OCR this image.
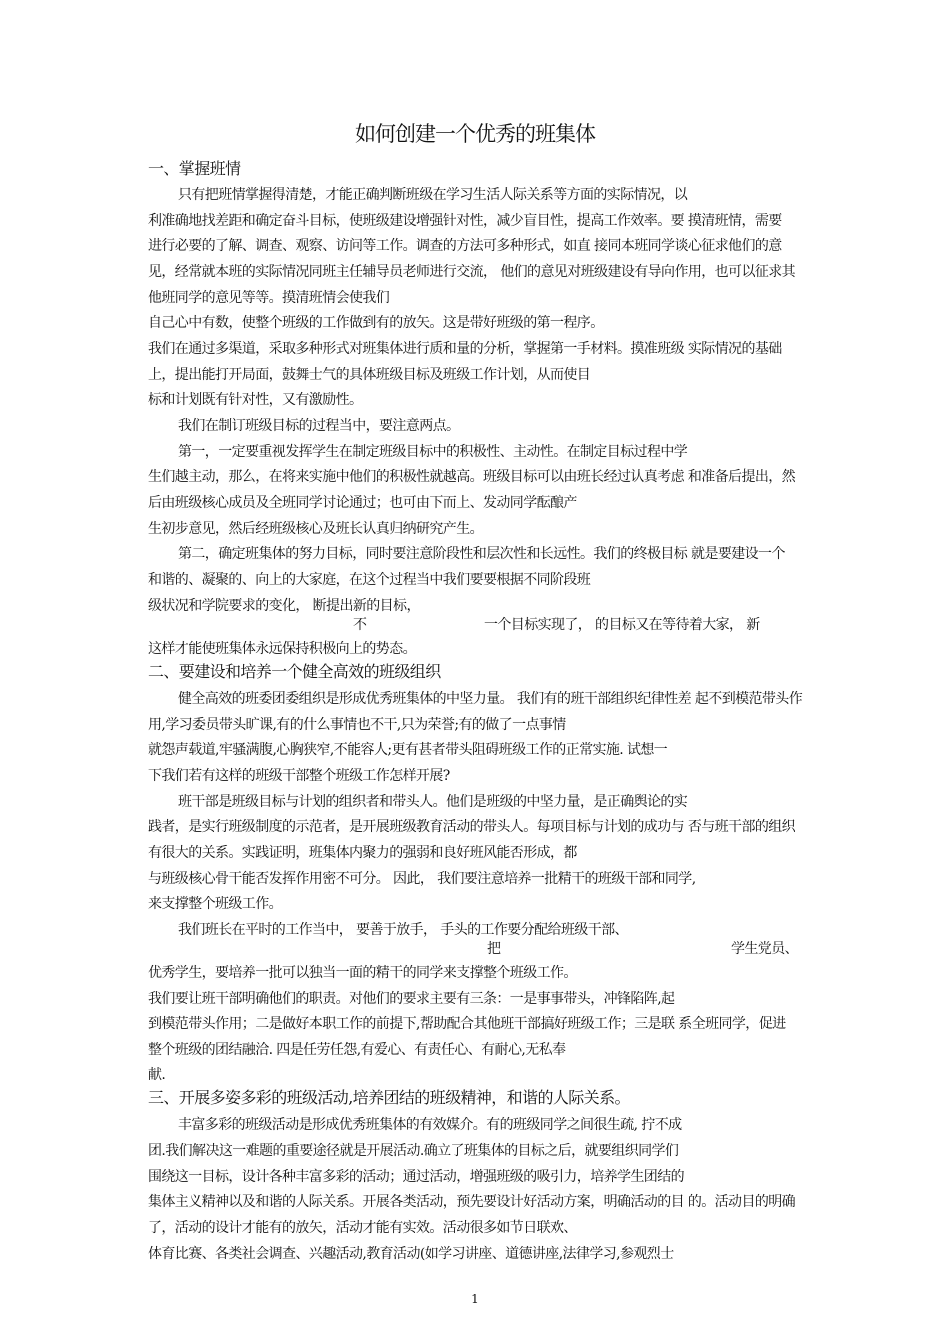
如何创建一个优秀的班集体
一、掌握班情
只有把班情掌握得清楚，才能正确判断班级在学习生活人际关系等方面的实际情况，以
利准确地找差距和确定奋斗目标，使班级建设增强针对性，减少盲目性，提高工作效率。要 摸清班情，需要
进行必要的了解、调查、观察、访问等工作。调查的方法可多种形式，如直 接同本班同学谈心征求他们的意
见，经常就本班的实际情况同班主任辅导员老师进行交流， 他们的意见对班级建设有导向作用，也可以征求其
他班同学的意见等等。摸清班情会使我们
自己心中有数，使整个班级的工作做到有的放矢。这是带好班级的第一程序。
我们在通过多渠道，采取多种形式对班集体进行质和量的分析，掌握第一手材料。摸准班级 实际情况的基础
上，提出能打开局面，鼓舞士气的具体班级目标及班级工作计划，从而使目
标和计划既有针对性，又有激励性。
我们在制订班级目标的过程当中，要注意两点。
第一，一定要重视发挥学生在制定班级目标中的积极性、主动性。在制定目标过程中学
生们越主动，那么，在将来实施中他们的积极性就越高。班级目标可以由班长经过认真考虑 和准备后提出，然
后由班级核心成员及全班同学讨论通过；也可由下而上、发动同学酝酿产
生初步意见，然后经班级核心及班长认真归纳研究产生。
第二，确定班集体的努力目标，同时要注意阶段性和层次性和长远性。我们的终极目标 就是要建设一个
和谐的、凝聚的、向上的大家庭，在这个过程当中我们要要根据不同阶段班
级状况和学院要求的变化， 断提出新的目标，
不	一个目标实现了， 的目标又在等待着大家， 新
这样才能使班集体永远保持积极向上的势态。
二、要建设和培养一个健全高效的班级组织
健全高效的班委团委组织是形成优秀班集体的中坚力量。 我们有的班干部组织纪律性差 起不到模范带头作
用,学习委员带头旷课,有的什么事情也不干,只为荣誉;有的做了一点事情
就怨声载道,牢骚满腹,心胸狭窄,不能容人;更有甚者带头阻碍班级工作的正常实施. 试想一
下我们若有这样的班级干部整个班级工作怎样开展?
班干部是班级目标与计划的组织者和带头人。他们是班级的中坚力量，是正确舆论的实
践者，是实行班级制度的示范者，是开展班级教育活动的带头人。每项目标与计划的成功与 否与班干部的组织
有很大的关系。实践证明，班集体内聚力的强弱和良好班风能否形成，都
与班级核心骨干能否发挥作用密不可分。 因此， 我们要注意培养一批精干的班级干部和同学,
来支撑整个班级工作。
我们班长在平时的工作当中， 要善于放手， 手头的工作要分配给班级干部、
把	学生党员、
优秀学生，要培养一批可以独当一面的精干的同学来支撑整个班级工作。
我们要让班干部明确他们的职责。对他们的要求主要有三条：一是事事带头，冲锋陷阵,起
到模范带头作用；二是做好本职工作的前提下,帮助配合其他班干部搞好班级工作；三是联 系全班同学，促进
整个班级的团结融洽. 四是任劳任怨,有爱心、有责任心、有耐心,无私奉
献.
三、开展多姿多彩的班级活动,培养团结的班级精神，和谐的人际关系。
丰富多彩的班级活动是形成优秀班集体的有效媒介。有的班级同学之间很生疏, 拧不成
团.我们解决这一难题的重要途径就是开展活动.确立了班集体的目标之后，就要组织同学们
围绕这一目标，设计各种丰富多彩的活动；通过活动，增强班级的吸引力，培养学生团结的
集体主义精神以及和谐的人际关系。开展各类活动，预先要设计好活动方案，明确活动的目 的。活动目的明确
了，活动的设计才能有的放矢，活动才能有实效。活动很多如节日联欢、
体育比赛、各类社会调查、兴趣活动,教育活动(如学习讲座、道德讲座,法律学习,参观烈士
1
